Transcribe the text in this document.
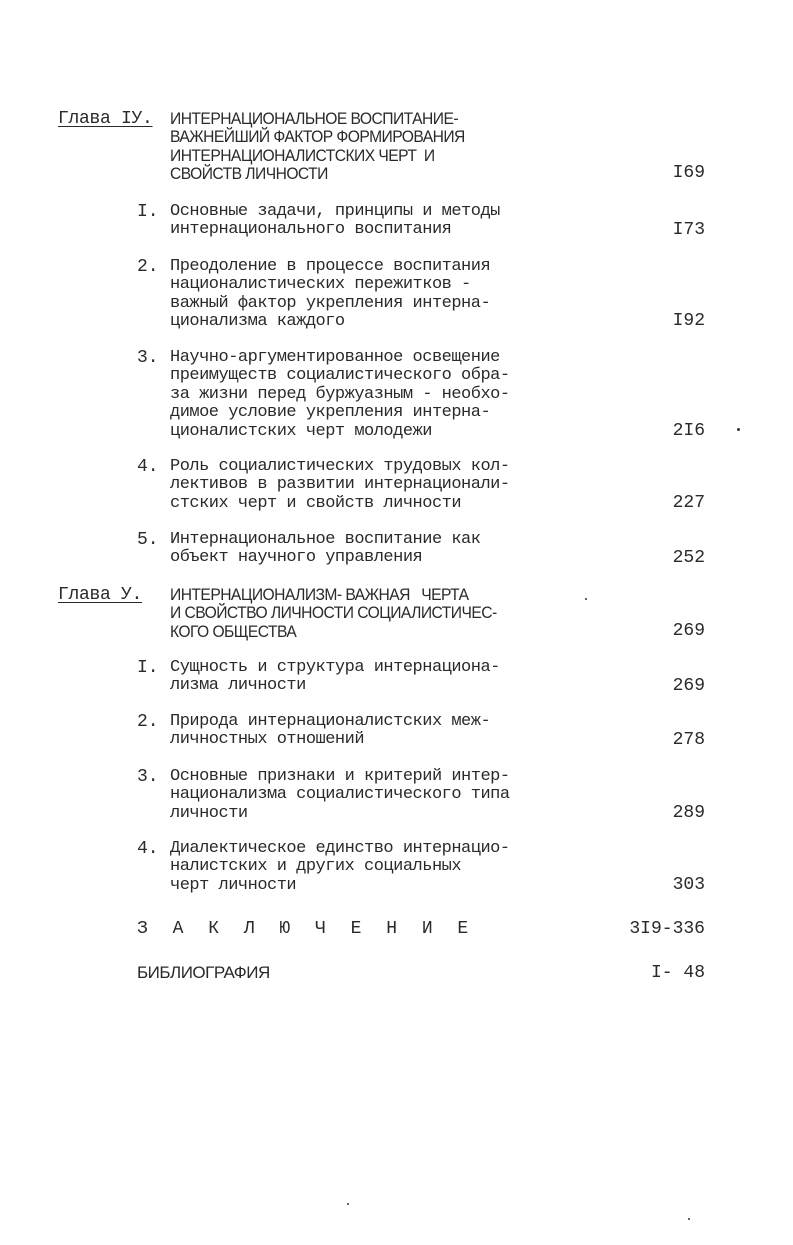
Глава IУ. ИНТЕРНАЦИОНАЛЬНОЕ ВОСПИТАНИЕ-
ВАЖНЕЙШИЙ ФАКТОР ФОРМИРОВАНИЯ
ИНТЕРНАЦИОНАЛИСТСКИХ ЧЕРТ  И
СВОЙСТВ ЛИЧНОСТИ	I69
I. Основные задачи, принципы и методы
интернационального воспитания	I73
2. Преодоление в процессе воспитания
националистических пережитков -
важный фактор укрепления интерна-
ционализма каждого	I92
3. Научно-аргументированное освещение
преимуществ социалистического обра-
за жизни перед буржуазным - необхо-
димое условие укрепления интерна-
ционалистских черт молодежи	2I6
4. Роль социалистических трудовых кол-
лективов в развитии интернационали-
стских черт и свойств личности	227
5. Интернациональное воспитание как
объект научного управления	252
Глава У. ИНТЕРНАЦИОНАЛИЗМ- ВАЖНАЯ   ЧЕРТА
И СВОЙСТВО ЛИЧНОСТИ СОЦИАЛИСТИЧЕС-
КОГО ОБЩЕСТВА	269
I. Сущность и структура интернациона-
лизма личности	269
2. Природа интернационалистских меж-
личностных отношений	278
3. Основные признаки и критерий интер-
национализма социалистического типа
личности	289
4. Диалектическое единство интернацио-
налистских и других социальных
черт личности	303
З А К Л Ю Ч Е Н И Е	3I9-336
БИБЛИОГРАФИЯ	I- 48
